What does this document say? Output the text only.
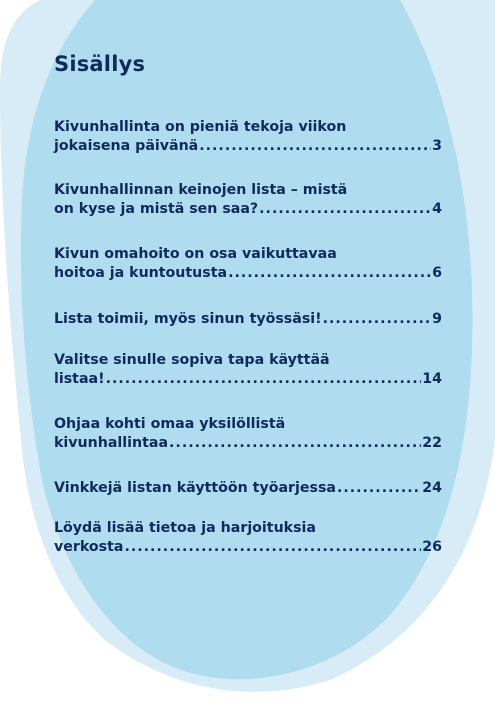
Sisällys
Kivunhallinta on pieniä tekoja viikon
jokaisena päivänä .....	3
Kivunhallinnan keinojen lista – mistä
on kyse ja mistä sen saa? .....	4
Kivun omahoito on osa vaikuttavaa
hoitoa ja kuntoutusta .....	6
Lista toimii, myös sinun työssäsi! .....	9
Valitse sinulle sopiva tapa käyttää
listaa! .....	14
Ohjaa kohti omaa yksilöllistä
kivunhallintaa .....	22
Vinkkejä listan käyttöön työarjessa .....	24
Löydä lisää tietoa ja harjoituksia
verkosta .....	26
